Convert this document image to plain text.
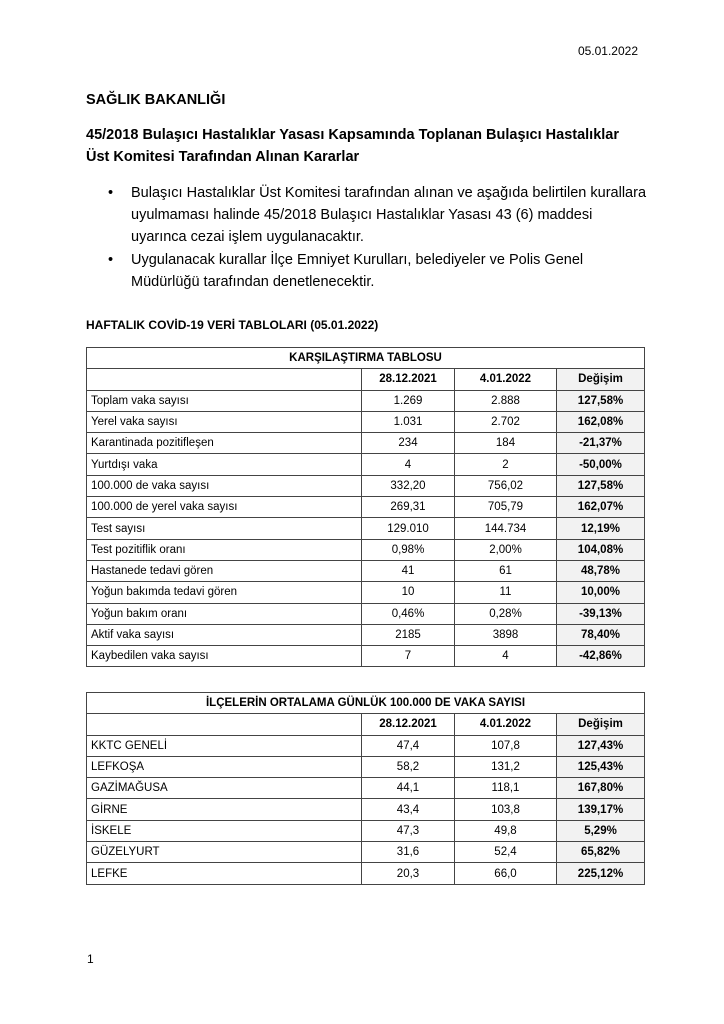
05.01.2022
SAĞLIK BAKANLIĞI
45/2018 Bulaşıcı Hastalıklar Yasası Kapsamında Toplanan Bulaşıcı Hastalıklar Üst Komitesi Tarafından Alınan Kararlar
• Bulaşıcı Hastalıklar Üst Komitesi tarafından alınan ve aşağıda belirtilen kurallara uyulmaması halinde 45/2018 Bulaşıcı Hastalıklar Yasası 43 (6) maddesi uyarınca cezai işlem uygulanacaktır.
• Uygulanacak kurallar İlçe Emniyet Kurulları, belediyeler ve Polis Genel Müdürlüğü tarafından denetlenecektir.
HAFTALIK COVİD-19 VERİ TABLOLARI (05.01.2022)
KARŞILAŞTIRMA TABLOSU			
	28.12.2021	4.01.2022	Değişim
Toplam vaka sayısı	1.269	2.888	127,58%
Yerel vaka sayısı	1.031	2.702	162,08%
Karantinada pozitifleşen	234	184	-21,37%
Yurtdışı vaka	4	2	-50,00%
100.000 de vaka sayısı	332,20	756,02	127,58%
100.000 de yerel vaka sayısı	269,31	705,79	162,07%
Test sayısı	129.010	144.734	12,19%
Test pozitiflik oranı	0,98%	2,00%	104,08%
Hastanede tedavi gören	41	61	48,78%
Yoğun bakımda tedavi gören	10	11	10,00%
Yoğun bakım oranı	0,46%	0,28%	-39,13%
Aktif vaka sayısı	2185	3898	78,40%
Kaybedilen vaka sayısı	7	4	-42,86%
İLÇELERİN ORTALAMA GÜNLÜK 100.000 DE VAKA SAYISI			
	28.12.2021	4.01.2022	Değişim
KKTC GENELİ	47,4	107,8	127,43%
LEFKOŞA	58,2	131,2	125,43%
GAZİMAĞUSA	44,1	118,1	167,80%
GİRNE	43,4	103,8	139,17%
İSKELE	47,3	49,8	5,29%
GÜZELYURT	31,6	52,4	65,82%
LEFKE	20,3	66,0	225,12%
1
